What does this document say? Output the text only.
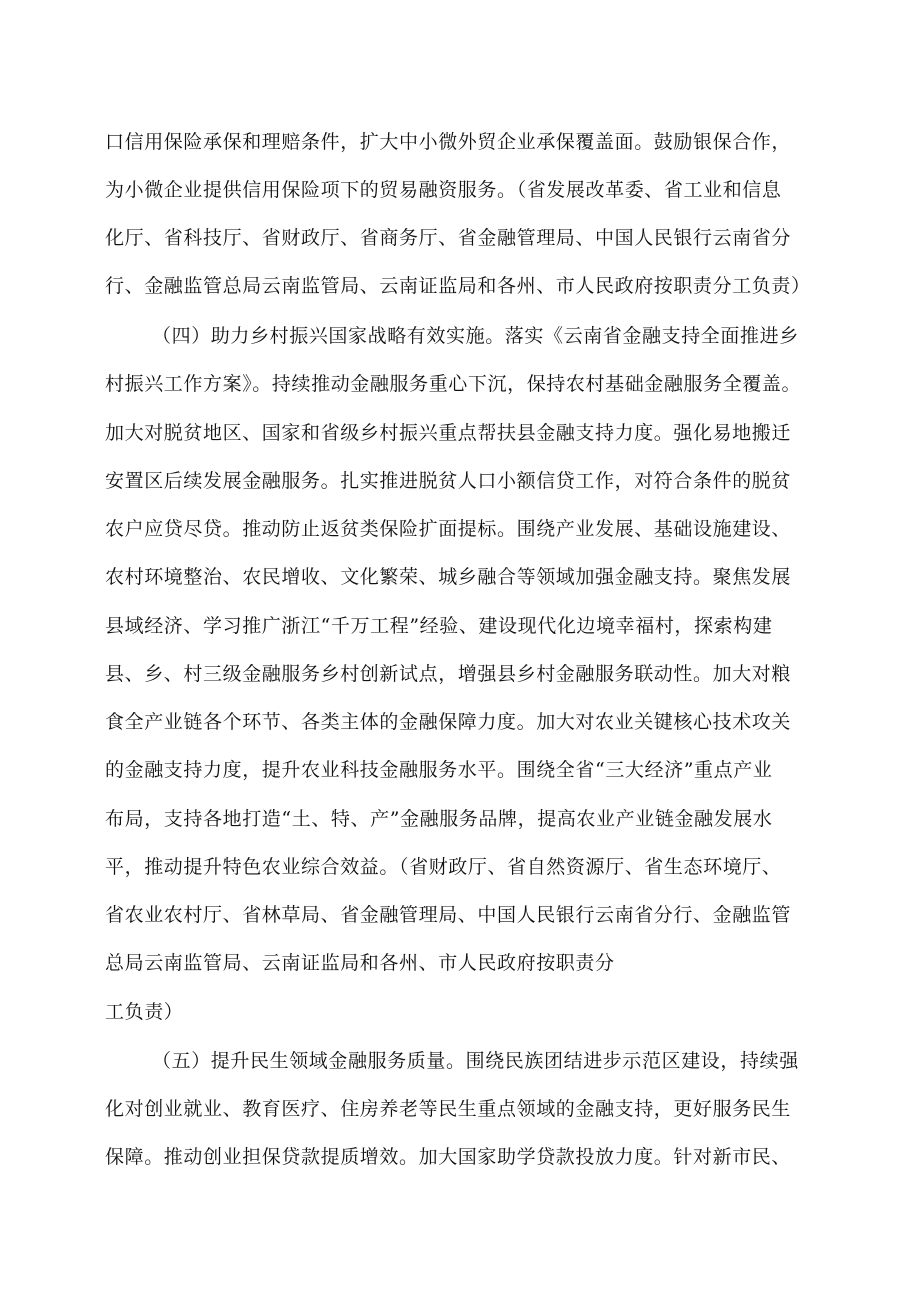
口信用保险承保和理赔条件，扩大中小微外贸企业承保覆盖面。鼓励银保合作，
为小微企业提供信用保险项下的贸易融资服务。（省发展改革委、省工业和信息
化厅、省科技厅、省财政厅、省商务厅、省金融管理局、中国人民银行云南省分
行、金融监管总局云南监管局、云南证监局和各州、市人民政府按职责分工负责）
（四）助力乡村振兴国家战略有效实施。落实《云南省金融支持全面推进乡
村振兴工作方案》。持续推动金融服务重心下沉，保持农村基础金融服务全覆盖。
加大对脱贫地区、国家和省级乡村振兴重点帮扶县金融支持力度。强化易地搬迁
安置区后续发展金融服务。扎实推进脱贫人口小额信贷工作，对符合条件的脱贫
农户应贷尽贷。推动防止返贫类保险扩面提标。围绕产业发展、基础设施建设、
农村环境整治、农民增收、文化繁荣、城乡融合等领域加强金融支持。聚焦发展
县域经济、学习推广浙江“千万工程”经验、建设现代化边境幸福村，探索构建
县、乡、村三级金融服务乡村创新试点，增强县乡村金融服务联动性。加大对粮
食全产业链各个环节、各类主体的金融保障力度。加大对农业关键核心技术攻关
的金融支持力度，提升农业科技金融服务水平。围绕全省“三大经济”重点产业
布局，支持各地打造“土、特、产”金融服务品牌，提高农业产业链金融发展水
平，推动提升特色农业综合效益。（省财政厅、省自然资源厅、省生态环境厅、
省农业农村厅、省林草局、省金融管理局、中国人民银行云南省分行、金融监管
总局云南监管局、云南证监局和各州、市人民政府按职责分
工负责）
（五）提升民生领域金融服务质量。围绕民族团结进步示范区建设，持续强
化对创业就业、教育医疗、住房养老等民生重点领域的金融支持，更好服务民生
保障。推动创业担保贷款提质增效。加大国家助学贷款投放力度。针对新市民、
